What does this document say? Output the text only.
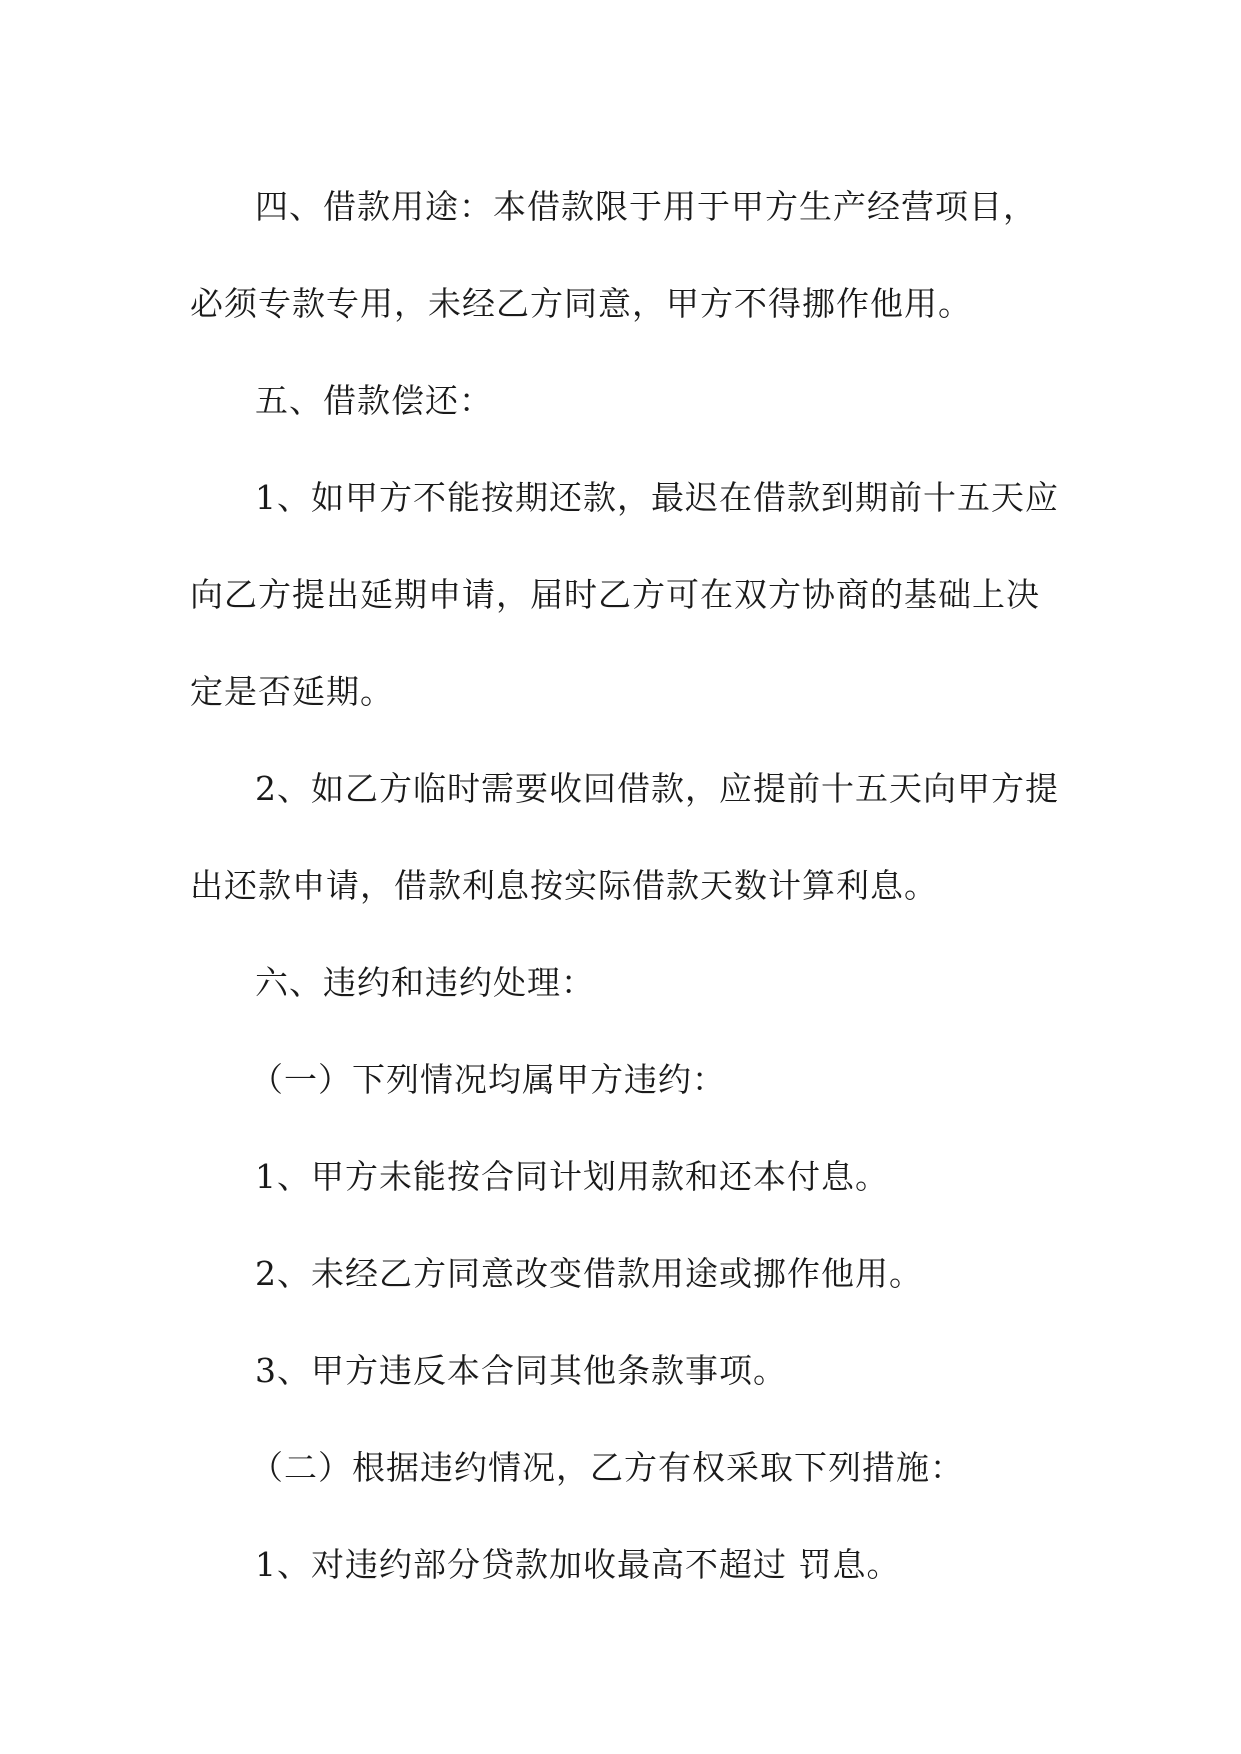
四、借款用途：本借款限于用于甲方生产经营项目，
必须专款专用，未经乙方同意，甲方不得挪作他用。
五、借款偿还：
1、如甲方不能按期还款，最迟在借款到期前十五天应
向乙方提出延期申请，届时乙方可在双方协商的基础上决
定是否延期。
2、如乙方临时需要收回借款，应提前十五天向甲方提
出还款申请，借款利息按实际借款天数计算利息。
六、违约和违约处理：
（一）下列情况均属甲方违约：
1、甲方未能按合同计划用款和还本付息。
2、未经乙方同意改变借款用途或挪作他用。
3、甲方违反本合同其他条款事项。
（二）根据违约情况，乙方有权采取下列措施：
1、对违约部分贷款加收最高不超过 罚息。
